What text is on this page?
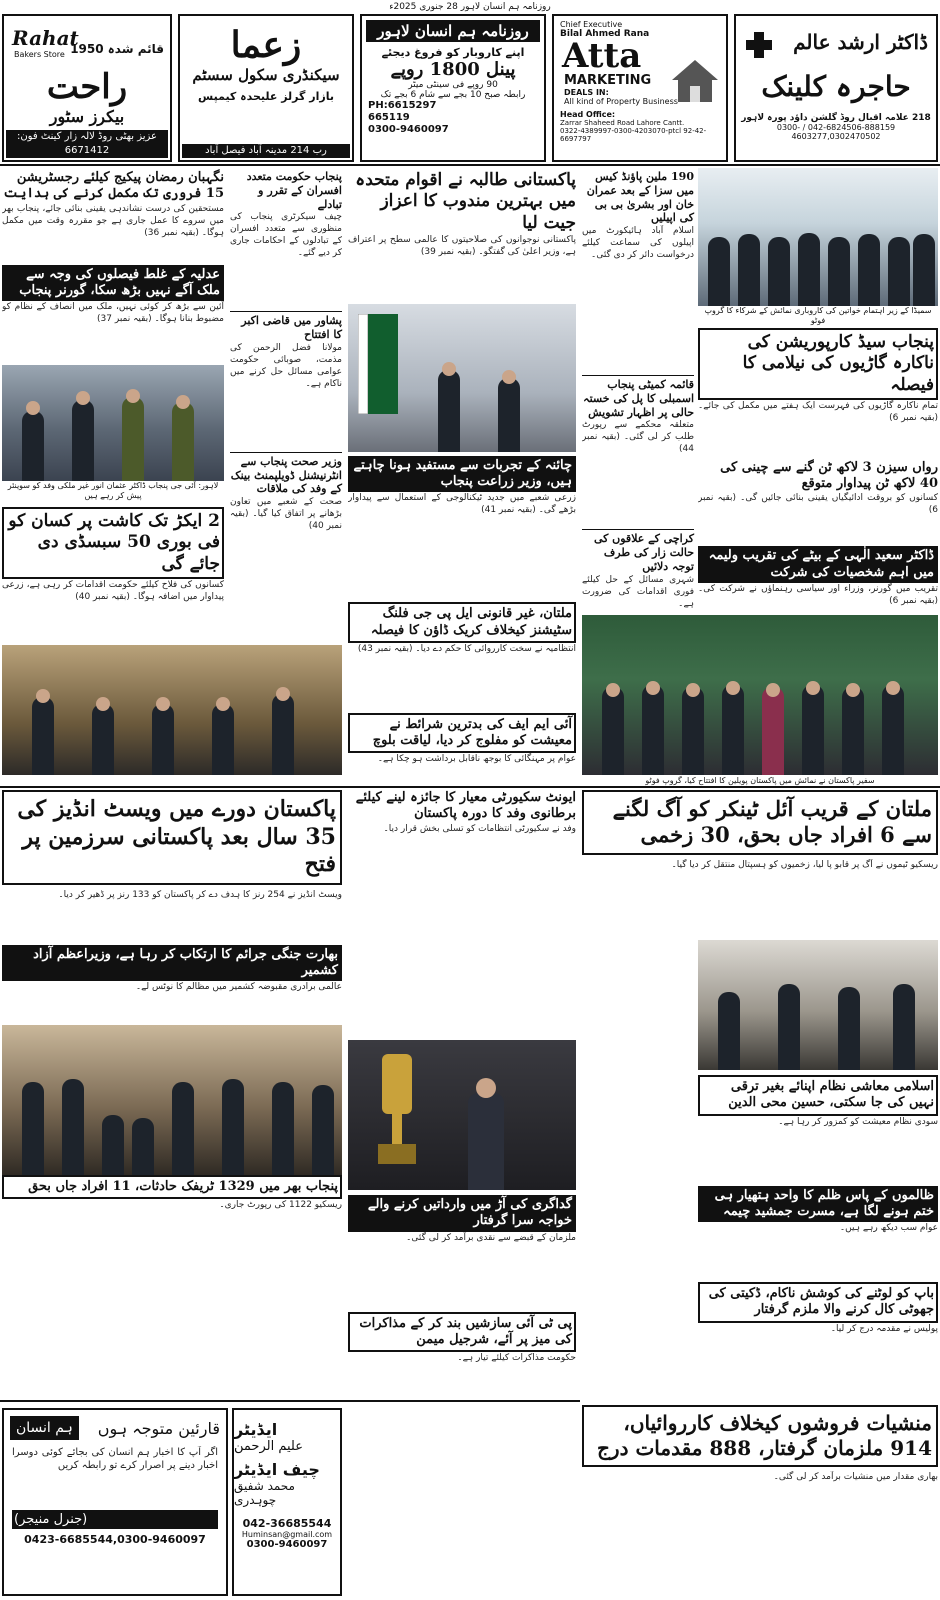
روزنامہ ہم انسان لاہور 28 جنوری 2025ء
Rahat
Bakers Store قائم شدہ 1950
راحت
بیکرز سٹور
عزیز بھٹی روڈ لالہ زار کینٹ فون: 6671412
زعما
سیکنڈری سکول سسٹم
بازار گرلز علیحدہ کیمپس
رب 214 مدینہ آباد فیصل آباد
روزنامہ ہم انسان لاہور
اپنے کاروبار کو فروغ دیجئے
پینل 1800 روپے
90 روپے فی سینٹی میٹر
رابطہ صبح 10 بجے سے شام 6 بجے تک
PH:6615297
665119
0300-9460097
Chief Executive
Bilal Ahmed Rana
Atta
MARKETING
DEALS IN:
All kind of Property Business
Head Office:
Zarrar Shaheed Road Lahore Cantt.
0322-4389997-0300-4203070-ptcl 92-42-6697797
ڈاکٹر ارشد عالم
حاجرہ کلینک
218 علامہ اقبال روڈ گلشن داؤد پورہ لاہور
042-6824506-888159 / 0300-4603277,0302470502
نگہبان رمضان پیکیج کیلئے رجسٹریشن 15 فروری تک مکمل کرنے کی ہدایت
مستحقین کی درست نشاندہی یقینی بنائی جائے، پنجاب بھر میں سروے کا عمل جاری ہے جو مقررہ وقت میں مکمل ہوگا۔ (بقیہ نمبر 36)
عدلیہ کے غلط فیصلوں کی وجہ سے ملک آگے نہیں بڑھ سکا، گورنر پنجاب
آئین سے بڑھ کر کوئی نہیں، ملک میں انصاف کے نظام کو مضبوط بنانا ہوگا۔ (بقیہ نمبر 37)
لاہور: آئی جی پنجاب ڈاکٹر عثمان انور غیر ملکی وفد کو سوینئر پیش کر رہے ہیں
2 ایکڑ تک کاشت پر کسان کو فی بوری 50 سبسڈی دی جائے گی
کسانوں کی فلاح کیلئے حکومت اقدامات کر رہی ہے، زرعی پیداوار میں اضافہ ہوگا۔ (بقیہ نمبر 40)
پنجاب حکومت متعدد افسران کے تقرر و تبادلے
چیف سیکرٹری پنجاب کی منظوری سے متعدد افسران کے تبادلوں کے احکامات جاری کر دیے گئے۔
پشاور میں قاضی اکبر کا افتتاح
مولانا فضل الرحمن کی مذمت، صوبائی حکومت عوامی مسائل حل کرنے میں ناکام ہے۔
وزیر صحت پنجاب سے انٹرنیشنل ڈویلپمنٹ بینک کے وفد کی ملاقات
صحت کے شعبے میں تعاون بڑھانے پر اتفاق کیا گیا۔ (بقیہ نمبر 40)
پاکستانی طالبہ نے اقوام متحدہ میں بہترین مندوب کا اعزاز جیت لیا
پاکستانی نوجوانوں کی صلاحیتوں کا عالمی سطح پر اعتراف ہے، وزیر اعلیٰ کی گفتگو۔ (بقیہ نمبر 39)
چائنہ کے تجربات سے مستفید ہونا چاہتے ہیں، وزیر زراعت پنجاب
زرعی شعبے میں جدید ٹیکنالوجی کے استعمال سے پیداوار بڑھے گی۔ (بقیہ نمبر 41)
ملتان، غیر قانونی ایل پی جی فلنگ سٹیشنز کیخلاف کریک ڈاؤن کا فیصلہ
انتظامیہ نے سخت کارروائی کا حکم دے دیا۔ (بقیہ نمبر 43)
آئی ایم ایف کی بدترین شرائط نے معیشت کو مفلوج کر دیا، لیاقت بلوچ
عوام پر مہنگائی کا بوجھ ناقابل برداشت ہو چکا ہے۔
190 ملین پاؤنڈ کیس میں سزا کے بعد عمران خان اور بشریٰ بی بی کی اپیلیں
اسلام آباد ہائیکورٹ میں اپیلوں کی سماعت کیلئے درخواست دائر کر دی گئی۔
قائمہ کمیٹی پنجاب اسمبلی کا پل کی خستہ حالی پر اظہار تشویش
متعلقہ محکمے سے رپورٹ طلب کر لی گئی۔ (بقیہ نمبر 44)
کراچی کے علاقوں کی حالت زار کی طرف توجہ دلائیں
شہری مسائل کے حل کیلئے فوری اقدامات کی ضرورت ہے۔
سمیڈا کے زیر اہتمام خواتین کی کاروباری نمائش کے شرکاء کا گروپ فوٹو
پنجاب سیڈ کارپوریشن کی ناکارہ گاڑیوں کی نیلامی کا فیصلہ
تمام ناکارہ گاڑیوں کی فہرست ایک ہفتے میں مکمل کی جائے۔ (بقیہ نمبر 6)
رواں سیزن 3 لاکھ ٹن گنے سے چینی کی 40 لاکھ ٹن پیداوار متوقع
کسانوں کو بروقت ادائیگیاں یقینی بنائی جائیں گی۔ (بقیہ نمبر 6)
ڈاکٹر سعید الٰہی کے بیٹے کی تقریب ولیمہ میں اہم شخصیات کی شرکت
تقریب میں گورنر، وزراء اور سیاسی رہنماؤں نے شرکت کی۔ (بقیہ نمبر 6)
سفیر پاکستان نے نمائش میں پاکستان پویلین کا افتتاح کیا، گروپ فوٹو
پاکستان دورے میں ویسٹ انڈیز کی 35 سال بعد پاکستانی سرزمین پر فتح
ویسٹ انڈیز نے 254 رنز کا ہدف دے کر پاکستان کو 133 رنز پر ڈھیر کر دیا۔
بھارت جنگی جرائم کا ارتکاب کر رہا ہے، وزیراعظم آزاد کشمیر
عالمی برادری مقبوضہ کشمیر میں مظالم کا نوٹس لے۔
ایونٹ سکیورٹی معیار کا جائزہ لینے کیلئے برطانوی وفد کا دورہ پاکستان
وفد نے سکیورٹی انتظامات کو تسلی بخش قرار دیا۔
ملتان کے قریب آئل ٹینکر کو آگ لگنے سے 6 افراد جاں بحق، 30 زخمی
ریسکیو ٹیموں نے آگ پر قابو پا لیا، زخمیوں کو ہسپتال منتقل کر دیا گیا۔
پنجاب بھر میں 1329 ٹریفک حادثات، 11 افراد جاں بحق
ریسکیو 1122 کی رپورٹ جاری۔	گداگری کی آڑ میں وارداتیں کرنے والے خواجہ سرا گرفتار
ملزمان کے قبضے سے نقدی برآمد کر لی گئی۔
پی ٹی آئی سازشیں بند کر کے مذاکرات کی میز پر آئے، شرجیل میمن
حکومت مذاکرات کیلئے تیار ہے۔
اسلامی معاشی نظام اپنائے بغیر ترقی نہیں کی جا سکتی، حسین محی الدین
سودی نظام معیشت کو کمزور کر رہا ہے۔
ظالموں کے پاس ظلم کا واحد ہتھیار ہی ختم ہونے لگا ہے، مسرت جمشید چیمہ
عوام سب دیکھ رہے ہیں۔
باپ کو لوٹنے کی کوشش ناکام، ڈکیتی کی جھوٹی کال کرنے والا ملزم گرفتار
پولیس نے مقدمہ درج کر لیا۔
منشیات فروشوں کیخلاف کارروائیاں، 914 ملزمان گرفتار، 888 مقدمات درج
بھاری مقدار میں منشیات برآمد کر لی گئی۔
ہم انسان	قارئین متوجہ ہوں
اگر آپ کا اخبار ہم انسان کی بجائے کوئی دوسرا اخبار دینے پر اصرار کرے تو رابطہ کریں
(جنرل منیجر)
0423-6685544,0300-9460097
ایڈیٹر
علیم الرحمن
چیف ایڈیٹر
محمد شفیق چوہدری
042-36685544
Huminsan@gmail.com
0300-9460097
